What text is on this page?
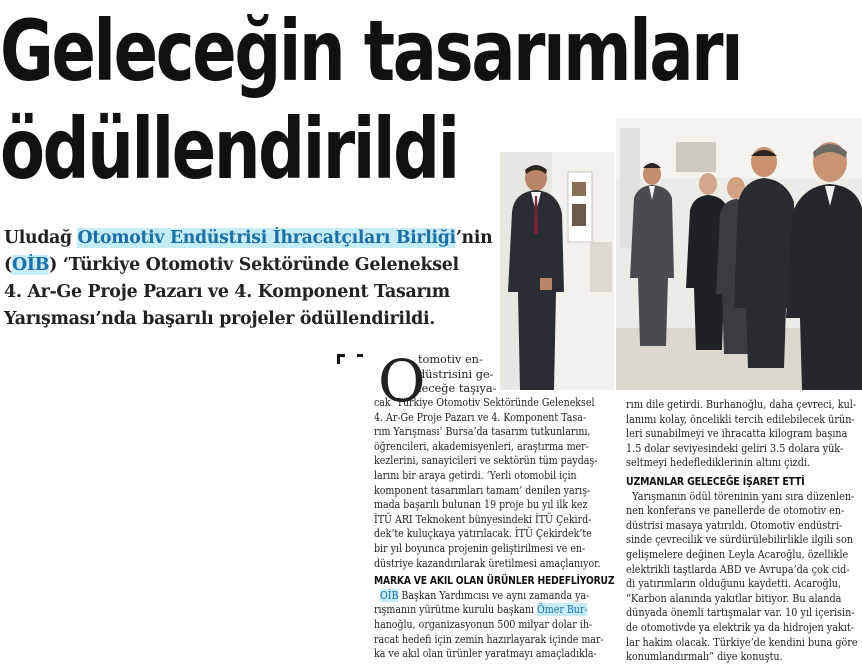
Geleceğin tasarımları
ödüllendirildi

Uludağ Otomotiv Endüstrisi İhracatçıları Birliği’nin

(OİB) ‘Türkiye Otomotiv Sektöründe Geleneksel

4. Ar-Ge Proje Pazarı ve 4. Komponent Tasarım

Yarışması’nda başarılı projeler ödüllendirildi.

O

tomotiv en-

düstrisini ge-

leceğe taşıya-

cak ‘Türkiye Otomotiv Sektöründe Geleneksel

4. Ar-Ge Proje Pazarı ve 4. Komponent Tasa-

rım Yarışması’ Bursa’da tasarım tutkunlarını,

öğrencileri, akademisyenleri, araştırma mer-

kezlerini, sanayicileri ve sektörün tüm paydaş-

larını bir araya getirdi. ‘Yerli otomobil için

komponent tasarımları tamam’ denilen yarış-

mada başarılı bulunan 19 proje bu yıl ilk kez

İTÜ ARI Teknokent bünyesindeki İTÜ Çekird-

dek’te kuluçkaya yatırılacak. İTÜ Çekirdek’te

bir yıl boyunca projenin geliştirilmesi ve en-

düstriye kazandırılarak üretilmesi amaçlanıyor.

MARKA VE AKIL OLAN ÜRÜNLER HEDEFLİYORUZ

OİB Başkan Yardımcısı ve aynı zamanda ya-

rışmanın yürütme kurulu başkanı Ömer Bur-

hanoğlu, organizasyonun 500 milyar dolar ih-

racat hedefi için zemin hazırlayarak içinde mar-

ka ve akıl olan ürünler yaratmayı amaçladıkla-

rını dile getirdi. Burhanoğlu, daha çevreci, kul-

lanımı kolay, öncelikli tercih edilebilecek ürün-

leri sunabilmeyi ve ihracatta kilogram başına

1.5 dolar seviyesindeki geliri 3.5 dolara yük-

seltmeyi hedeflediklerinin altını çizdi.

UZMANLAR GELECEĞE İŞARET ETTİ

Yarışmanın ödül töreninin yanı sıra düzenlen-

nen konferans ve panellerde de otomotiv en-

düstrisi masaya yatırıldı. Otomotiv endüstri-

sinde çevrecilik ve sürdürülebilirlikle ilgili son

gelişmelere değinen Leyla Acaroğlu, özellikle

elektrikli taştlarda ABD ve Avrupa’da çok cid-

di yatırımların olduğunu kaydetti. Acaroğlu,

“Karbon alanında yakıtlar bitiyor. Bu alanda

dünyada önemli tartışmalar var. 10 yıl içerisin-

de otomotivde ya elektrik ya da hidrojen yakıt-

lar hakim olacak. Türkiye’de kendini buna göre

konumlandırmalı” diye konuştu.
